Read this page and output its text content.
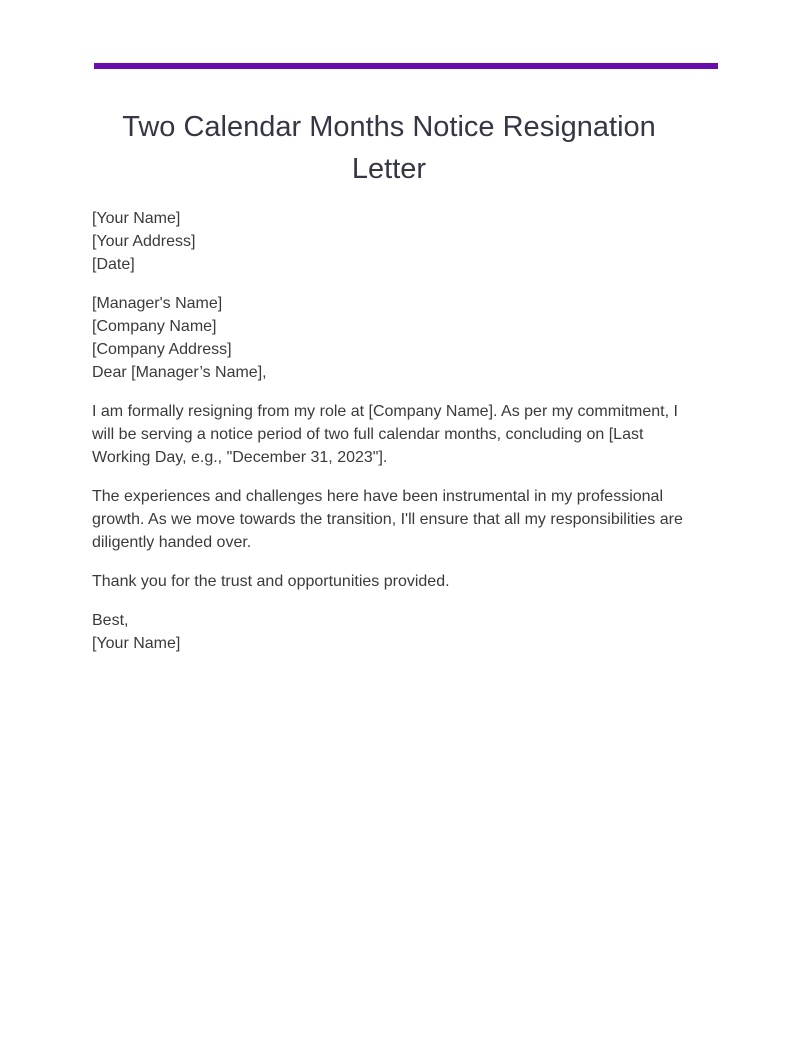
Two Calendar Months Notice Resignation Letter
[Your Name]
[Your Address]
[Date]
[Manager's Name]
[Company Name]
[Company Address]
Dear [Manager’s Name],

I am formally resigning from my role at [Company Name]. As per my commitment, I will be serving a notice period of two full calendar months, concluding on [Last Working Day, e.g., "December 31, 2023"].

The experiences and challenges here have been instrumental in my professional growth. As we move towards the transition, I'll ensure that all my responsibilities are diligently handed over.

Thank you for the trust and opportunities provided.

Best,
[Your Name]
